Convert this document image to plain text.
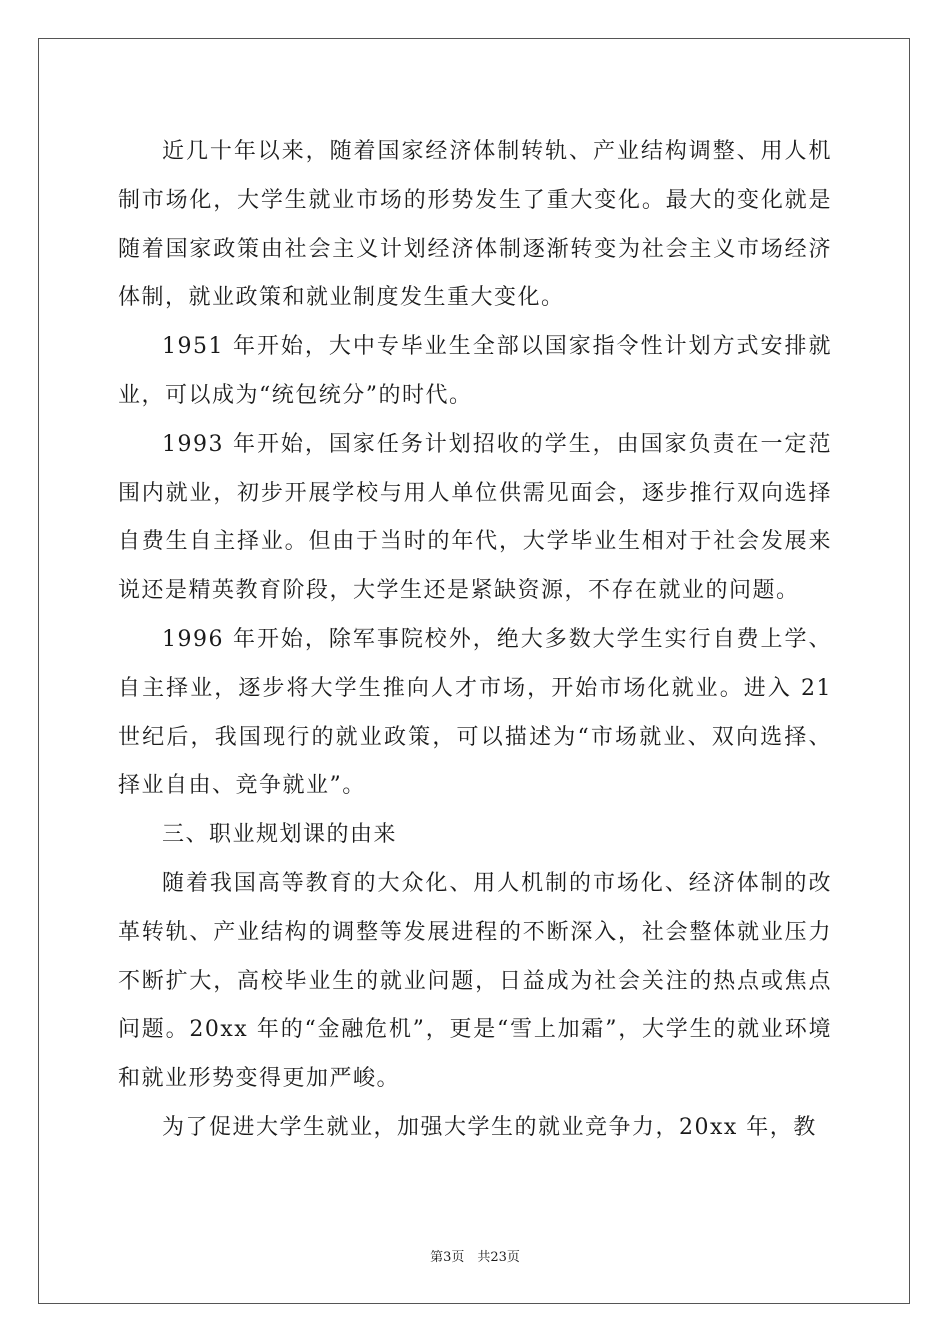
近几十年以来，随着国家经济体制转轨、产业结构调整、用人机制市场化，大学生就业市场的形势发生了重大变化。最大的变化就是随着国家政策由社会主义计划经济体制逐渐转变为社会主义市场经济体制，就业政策和就业制度发生重大变化。

1951 年开始，大中专毕业生全部以国家指令性计划方式安排就业，可以成为“统包统分”的时代。

1993 年开始，国家任务计划招收的学生，由国家负责在一定范围内就业，初步开展学校与用人单位供需见面会，逐步推行双向选择自费生自主择业。但由于当时的年代，大学毕业生相对于社会发展来说还是精英教育阶段，大学生还是紧缺资源，不存在就业的问题。

1996 年开始，除军事院校外，绝大多数大学生实行自费上学、自主择业，逐步将大学生推向人才市场，开始市场化就业。进入 21世纪后，我国现行的就业政策，可以描述为“市场就业、双向选择、择业自由、竞争就业”。

三、职业规划课的由来

随着我国高等教育的大众化、用人机制的市场化、经济体制的改革转轨、产业结构的调整等发展进程的不断深入，社会整体就业压力不断扩大，高校毕业生的就业问题，日益成为社会关注的热点或焦点问题。20xx 年的“金融危机”，更是“雪上加霜”，大学生的就业环境和就业形势变得更加严峻。

为了促进大学生就业，加强大学生的就业竞争力，20xx 年，教

第3页　共23页
